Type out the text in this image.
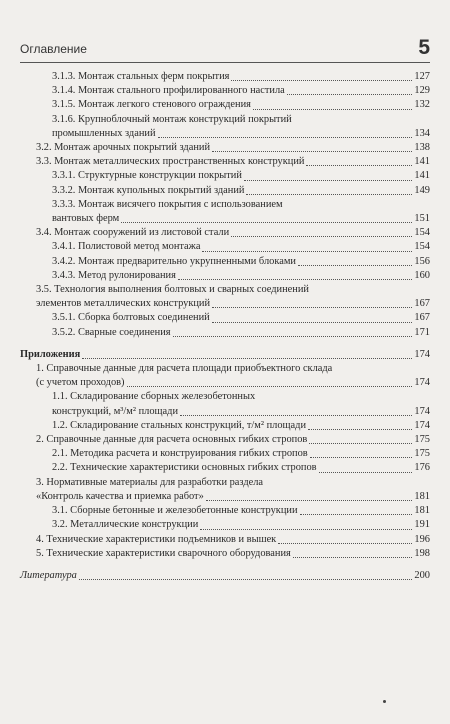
Оглавление	5
3.1.3. Монтаж стальных ферм покрытия	127
3.1.4. Монтаж стального профилированного настила	129
3.1.5. Монтаж легкого стенового ограждения	132
3.1.6. Крупноблочный монтаж конструкций покрытий
промышленных зданий	134
3.2. Монтаж арочных покрытий зданий	138
3.3. Монтаж металлических пространственных конструкций	141
3.3.1. Структурные конструкции покрытий	141
3.3.2. Монтаж купольных покрытий зданий	149
3.3.3. Монтаж висячего покрытия с использованием
вантовых ферм	151
3.4. Монтаж сооружений из листовой стали	154
3.4.1. Полистовой метод монтажа	154
3.4.2. Монтаж предварительно укрупненными блоками	156
3.4.3. Метод рулонирования	160
3.5. Технология выполнения болтовых и сварных соединений
элементов металлических конструкций	167
3.5.1. Сборка болтовых соединений	167
3.5.2. Сварные соединения	171
Приложения	174
1. Справочные данные для расчета площади приобъектного склада
(с учетом проходов)	174
1.1. Складирование сборных железобетонных
конструкций, м³/м² площади	174
1.2. Складирование стальных конструкций, т/м² площади	174
2. Справочные данные для расчета основных гибких стропов	175
2.1. Методика расчета и конструирования гибких стропов	175
2.2. Технические характеристики основных гибких стропов	176
3. Нормативные материалы для разработки раздела
«Контроль качества и приемка работ»	181
3.1. Сборные бетонные и железобетонные конструкции	181
3.2. Металлические конструкции	191
4. Технические характеристики подъемников и вышек	196
5. Технические характеристики сварочного оборудования	198
Литература	200
